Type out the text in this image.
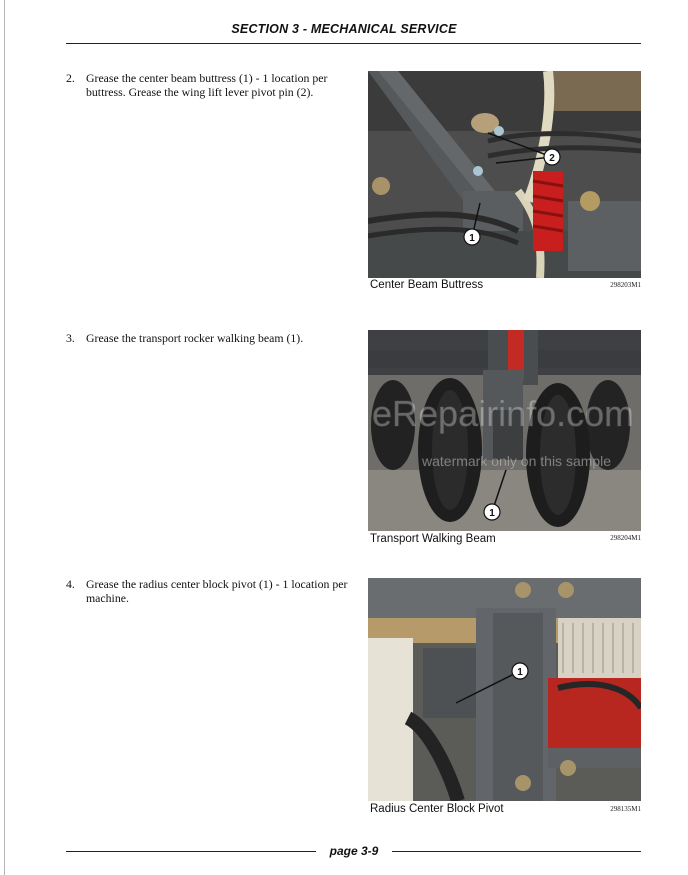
SECTION 3 - MECHANICAL SERVICE
2. Grease the center beam buttress (1) - 1 location per buttress. Grease the wing lift lever pivot pin (2).
2
1
Center Beam Buttress	298203M1
3. Grease the transport rocker walking beam (1).
1
Transport Walking Beam	298204M1
eRepairinfo.com
watermark only on this sample
4. Grease the radius center block pivot (1) - 1 location per machine.
1
Radius Center Block Pivot	298135M1
page 3-9
